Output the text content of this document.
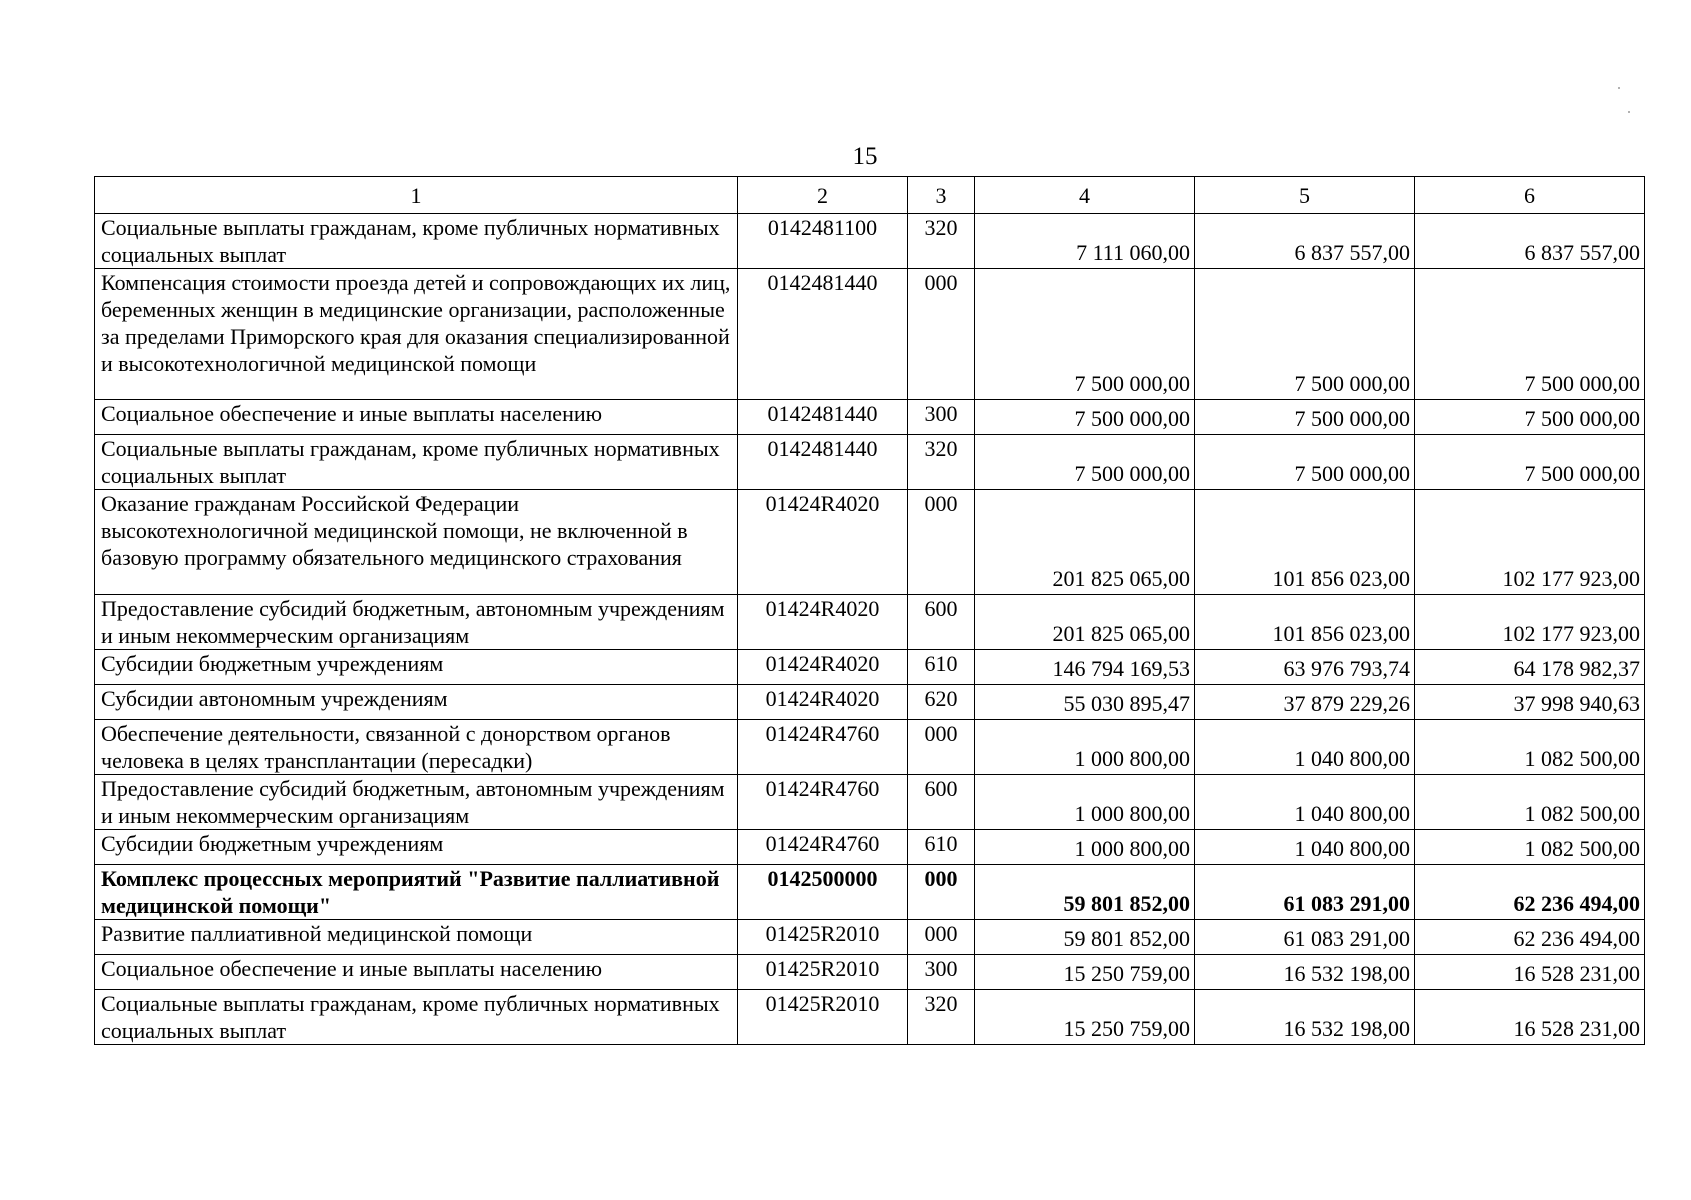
15
1	2	3	4	5	6
Социальные выплаты гражданам, кроме публичных нормативных социальных выплат	0142481100	320	7 111 060,00	6 837 557,00	6 837 557,00
Компенсация стоимости проезда детей и сопровождающих их лиц, беременных женщин в медицинские организации, расположенные за пределами Приморского края для оказания специализированной и высокотехнологичной медицинской помощи	0142481440	000	7 500 000,00	7 500 000,00	7 500 000,00
Социальное обеспечение и иные выплаты населению	0142481440	300	7 500 000,00	7 500 000,00	7 500 000,00
Социальные выплаты гражданам, кроме публичных нормативных социальных выплат	0142481440	320	7 500 000,00	7 500 000,00	7 500 000,00
Оказание гражданам Российской Федерации высокотехнологичной медицинской помощи, не включенной в базовую программу обязательного медицинского страхования	01424R4020	000	201 825 065,00	101 856 023,00	102 177 923,00
Предоставление субсидий бюджетным, автономным учреждениям и иным некоммерческим организациям	01424R4020	600	201 825 065,00	101 856 023,00	102 177 923,00
Субсидии бюджетным учреждениям	01424R4020	610	146 794 169,53	63 976 793,74	64 178 982,37
Субсидии автономным учреждениям	01424R4020	620	55 030 895,47	37 879 229,26	37 998 940,63
Обеспечение деятельности, связанной с донорством органов человека в целях трансплантации (пересадки)	01424R4760	000	1 000 800,00	1 040 800,00	1 082 500,00
Предоставление субсидий бюджетным, автономным учреждениям и иным некоммерческим организациям	01424R4760	600	1 000 800,00	1 040 800,00	1 082 500,00
Субсидии бюджетным учреждениям	01424R4760	610	1 000 800,00	1 040 800,00	1 082 500,00
Комплекс процессных мероприятий "Развитие паллиативной медицинской помощи"	0142500000	000	59 801 852,00	61 083 291,00	62 236 494,00
Развитие паллиативной медицинской помощи	01425R2010	000	59 801 852,00	61 083 291,00	62 236 494,00
Социальное обеспечение и иные выплаты населению	01425R2010	300	15 250 759,00	16 532 198,00	16 528 231,00
Социальные выплаты гражданам, кроме публичных нормативных социальных выплат	01425R2010	320	15 250 759,00	16 532 198,00	16 528 231,00
